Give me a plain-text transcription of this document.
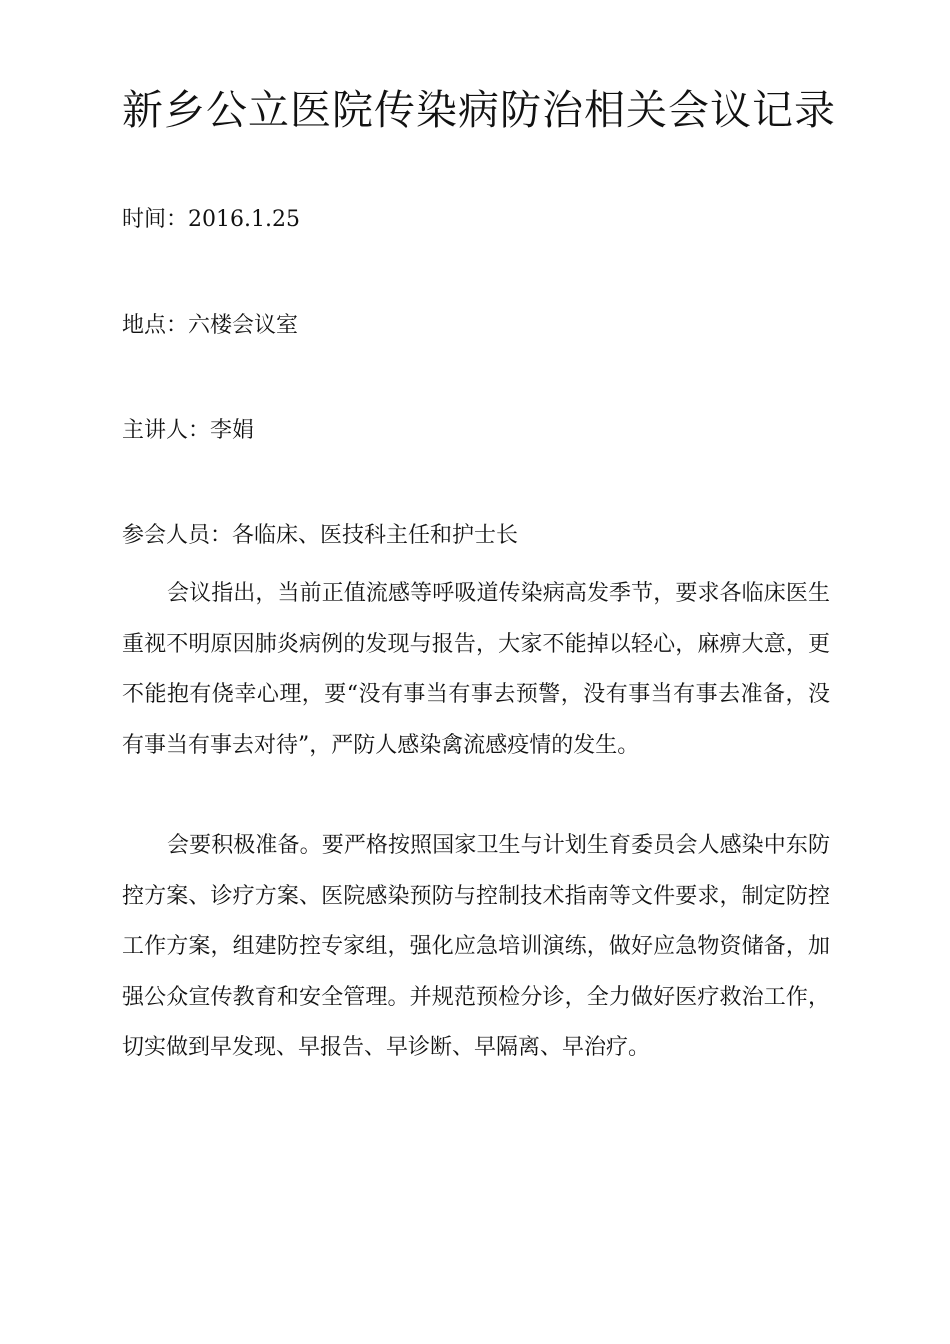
新乡公立医院传染病防治相关会议记录

时间：2016.1.25

地点：六楼会议室

主讲人：李娟

参会人员：各临床、医技科主任和护士长

会议指出，当前正值流感等呼吸道传染病高发季节，要求各临床医生重视不明原因肺炎病例的发现与报告，大家不能掉以轻心，麻痹大意，更不能抱有侥幸心理，要“没有事当有事去预警，没有事当有事去准备，没有事当有事去对待”，严防人感染禽流感疫情的发生。

会要积极准备。要严格按照国家卫生与计划生育委员会人感染中东防控方案、诊疗方案、医院感染预防与控制技术指南等文件要求，制定防控工作方案，组建防控专家组，强化应急培训演练，做好应急物资储备，加强公众宣传教育和安全管理。并规范预检分诊，全力做好医疗救治工作，切实做到早发现、早报告、早诊断、早隔离、早治疗。
